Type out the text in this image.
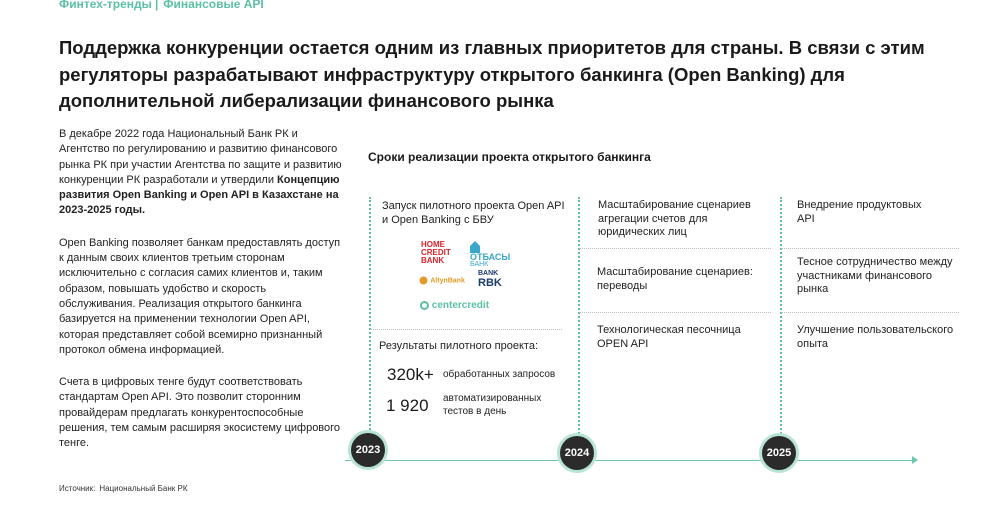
Финтех-тренды | Финансовые API
Поддержка конкуренции остается одним из главных приоритетов для страны. В связи с этим регуляторы разрабатывают инфраструктуру открытого банкинга (Open Banking) для дополнительной либерализации финансового рынка

В декабре 2022 года Национальный Банк РК и Агентство по регулированию и развитию финансового рынка РК при участии Агентства по защите и развитию конкуренции РК разработали и утвердили Концепцию развития Open Banking и Open API в Казахстане на 2023-2025 годы.

Open Banking позволяет банкам предоставлять доступ к данным своих клиентов третьим сторонам исключительно с согласия самих клиентов и, таким образом, повышать удобство и скорость обслуживания. Реализация открытого банкинга базируется на применении технологии Open API, которая представляет собой всемирно признанный протокол обмена информацией.

Счета в цифровых тенге будут соответствовать стандартам Open API. Это позволит сторонним провайдерам предлагать конкурентоспособные решения, тем самым расширяя экосистему цифрового тенге.

Источник: Национальный Банк РК
Сроки реализации проекта открытого банкинга
Запуск пилотного проекта Open API и Open Banking с БВУ
HOME
CREDIT
BANK	ОТБАСЫ
БАНК
AltynBank
BANK
RBK
centercredit
Результаты пилотного проекта:
320k+ обработанных запросов
1 920 автоматизированных тестов в день
Масштабирование сценариев агрегации счетов для юридических лиц
Масштабирование сценариев: переводы
Технологическая песочница OPEN API
Внедрение продуктовых API
Тесное сотрудничество между участниками финансового рынка
Улучшение пользовательского опыта
2023	2024	2025
